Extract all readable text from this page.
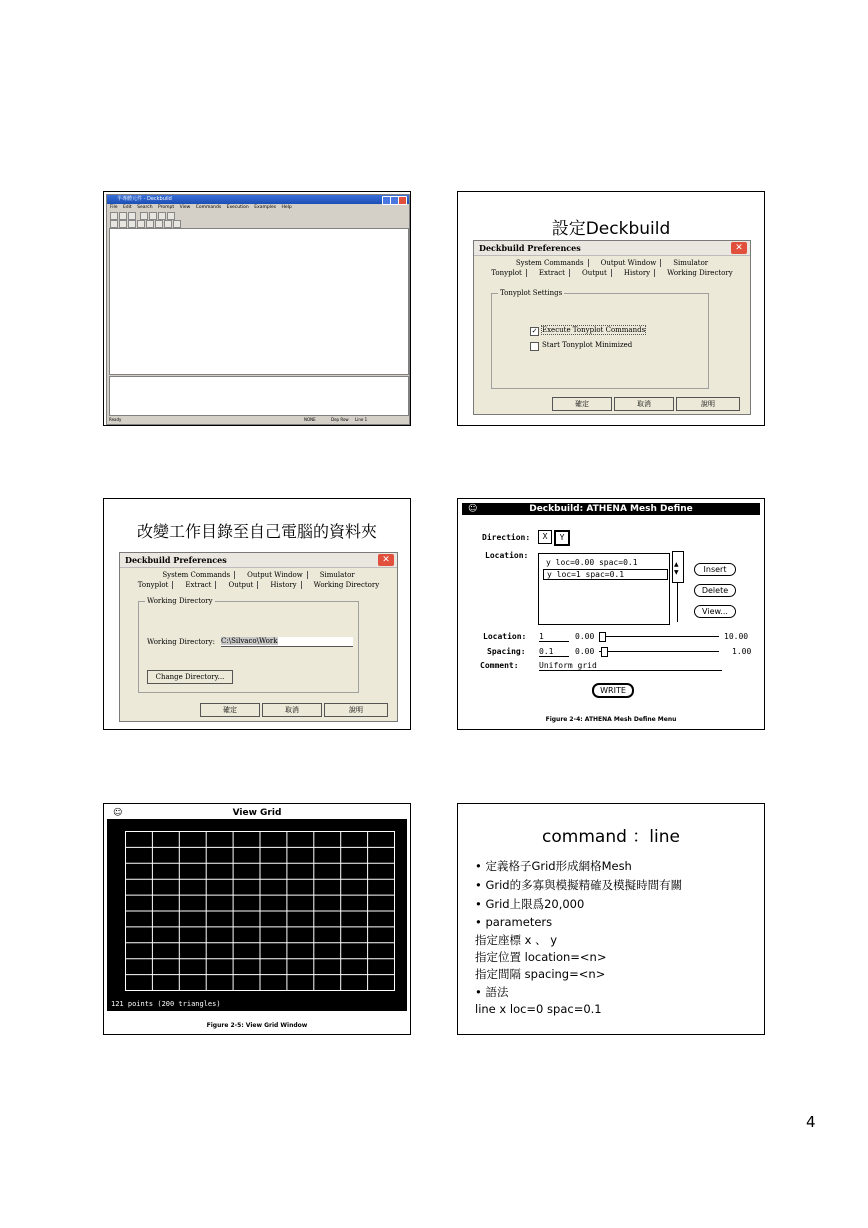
半導體元件 - Deckbuild
File Edit Search Prompt View Commands Execution Examples Help
Ready	NONE	Dep Row Line 1
設定Deckbuild
Deckbuild Preferences	✕
System Commands Output Window Simulator
Tonyplot Extract Output History Working Directory
Tonyplot Settings
✓ Execute Tonyplot Commands
Start Tonyplot Minimized
確定	取消	說明
改變工作目錄至自己電腦的資料夾
Deckbuild Preferences	✕
System Commands Output Window Simulator
Tonyplot Extract Output History Working Directory
Working Directory
Working Directory: C:\Silvaco\Work
Change Directory...
確定	取消	說明
☺	Deckbuild: ATHENA Mesh Define
Direction:	X	Y
Location:
y loc=0.00 spac=0.1
y loc=1 spac=0.1
▲
▼	Insert
Delete
View...
Location: 1	0.00	10.00
Spacing: 0.1	0.00	1.00
Comment:	Uniform grid
WRITE
Figure 2-4: ATHENA Mesh Define Menu
☺	View Grid
121 points (200 triangles)
Figure 2-5: View Grid Window
command ：line
• 定義格子Grid形成網格Mesh
• Grid的多寡與模擬精確及模擬時間有關
• Grid上限爲20,000
• parameters
指定座標 x 、 y
指定位置 location=<n>
指定間隔 spacing=<n>
• 語法
line x loc=0 spac=0.1
4
